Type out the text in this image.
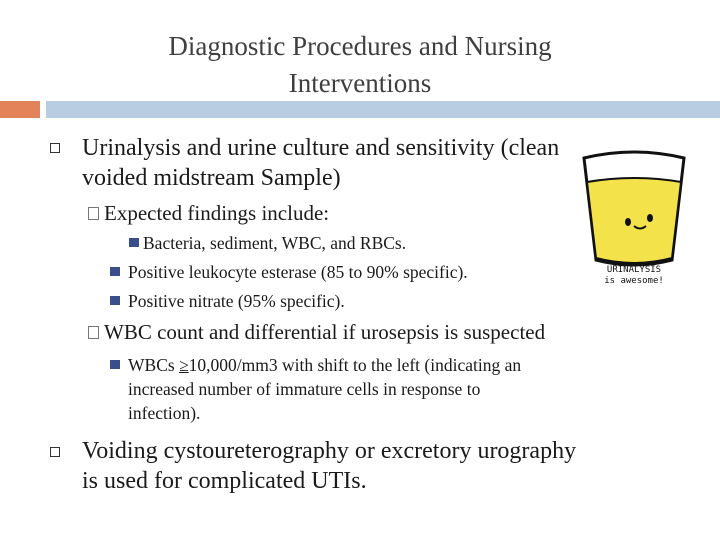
Diagnostic Procedures and Nursing
Interventions
Urinalysis and urine culture and sensitivity (clean
voided midstream Sample)
Expected findings include:
Bacteria, sediment, WBC, and RBCs.
Positive leukocyte esterase (85 to 90% specific).
Positive nitrate (95% specific).
WBC count and differential if urosepsis is suspected
WBCs ≥10,000/mm3 with shift to the left (indicating an
increased number of immature cells in response to
infection).
Voiding cystoureterography or excretory urography
is used for complicated UTIs.
URINALYSIS
is awesome!
